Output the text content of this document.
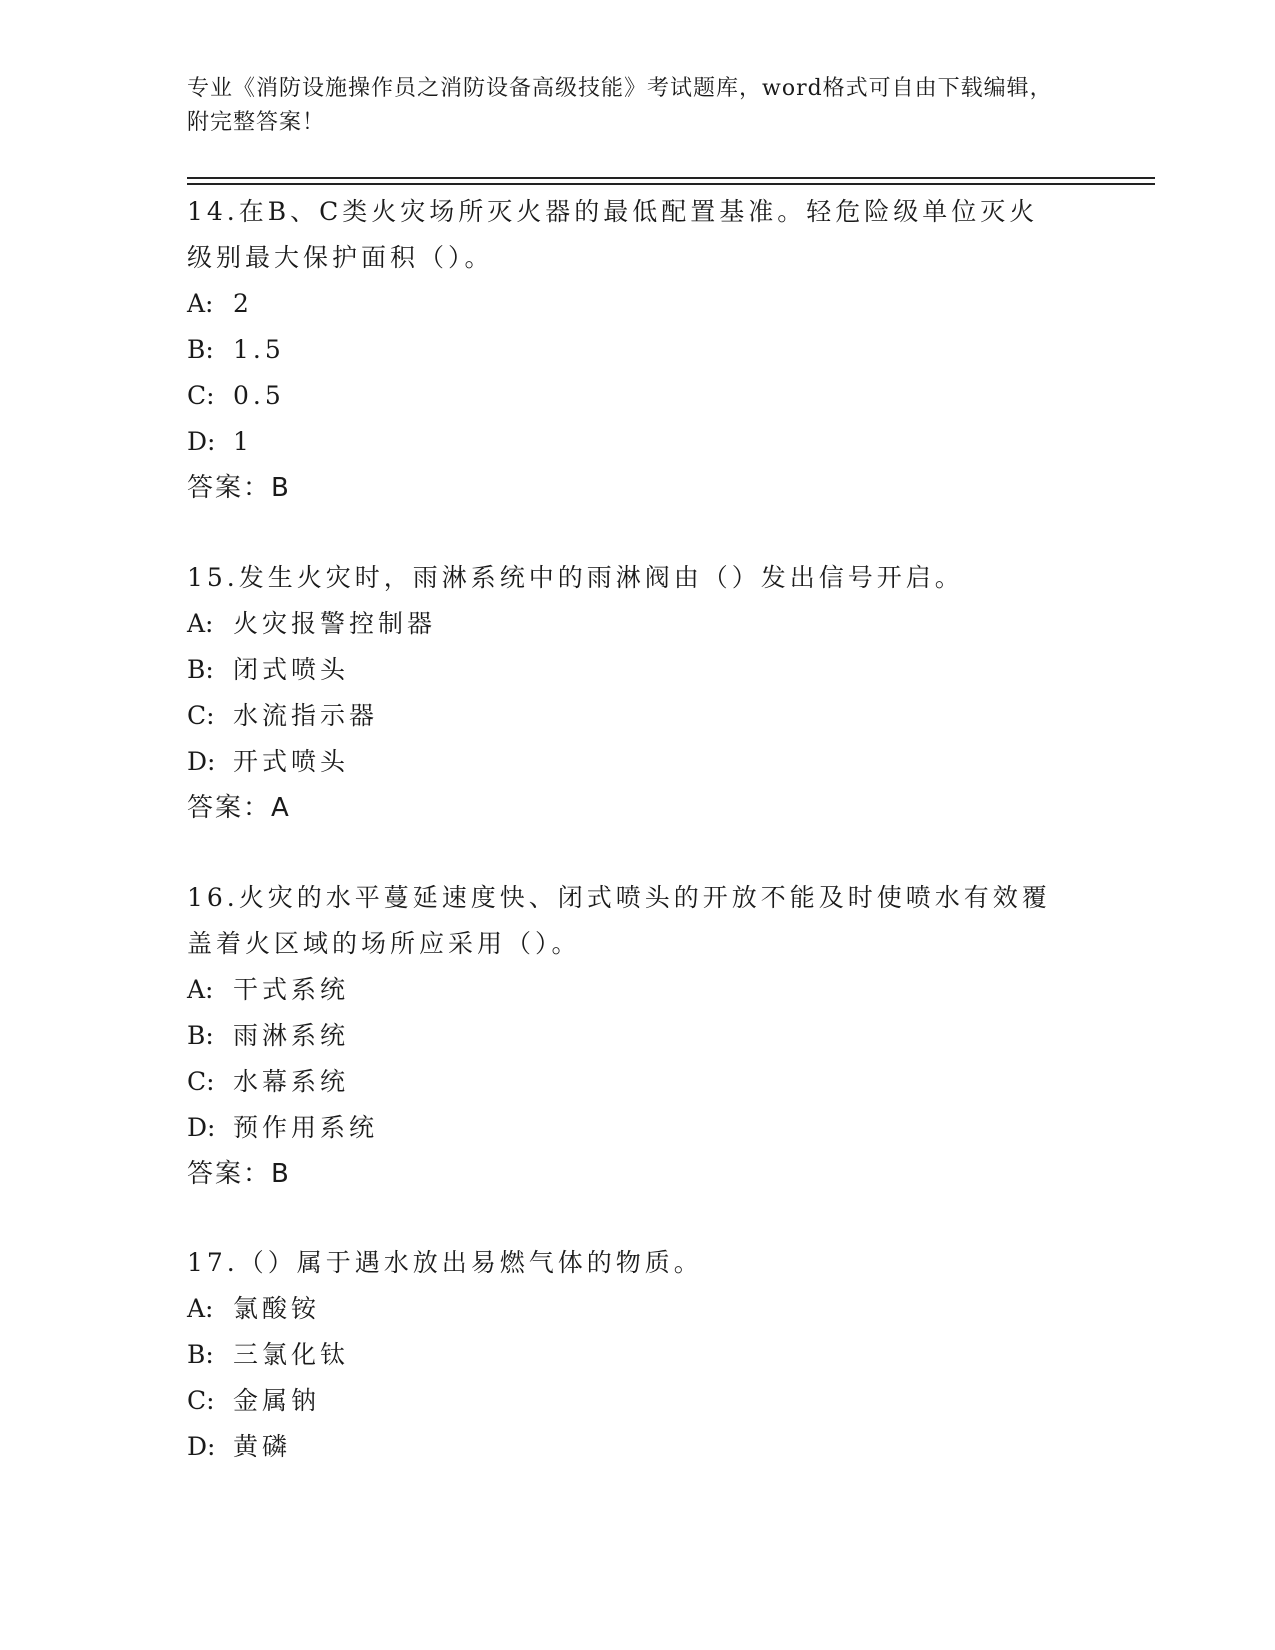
专业《消防设施操作员之消防设备高级技能》考试题库，word格式可自由下载编辑，附完整答案！

14.在B、C类火灾场所灭火器的最低配置基准。轻危险级单位灭火级别最大保护面积（）。

A: 2
B: 1.5
C: 0.5
D: 1
答案：B

15.发生火灾时，雨淋系统中的雨淋阀由（）发出信号开启。

A: 火灾报警控制器
B: 闭式喷头
C: 水流指示器
D: 开式喷头
答案：A

16.火灾的水平蔓延速度快、闭式喷头的开放不能及时使喷水有效覆盖着火区域的场所应采用（）。

A: 干式系统
B: 雨淋系统
C: 水幕系统
D: 预作用系统
答案：B

17.（）属于遇水放出易燃气体的物质。

A: 氯酸铵
B: 三氯化钛
C: 金属钠
D: 黄磷
